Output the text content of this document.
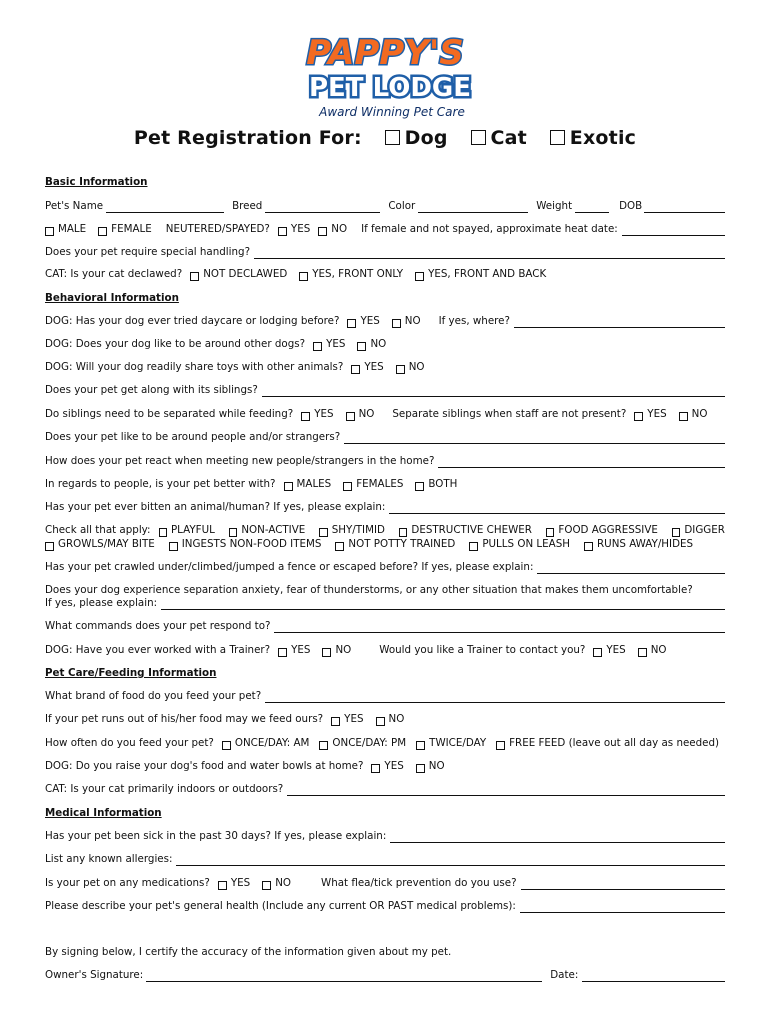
PAPPY'S
PET LODGE
Award Winning Pet Care
Pet Registration For: Dog Cat Exotic
Basic Information
Pet's Name	Breed	Color	Weight	DOB
MALE FEMALE NEUTERED/SPAYED? YES NO If female and not spayed, approximate heat date:
Does your pet require special handling?
CAT: Is your cat declawed? NOT DECLAWED YES, FRONT ONLY YES, FRONT AND BACK
Behavioral Information
DOG: Has your dog ever tried daycare or lodging before? YES NO If yes, where?
DOG: Does your dog like to be around other dogs? YES NO
DOG: Will your dog readily share toys with other animals? YES NO
Does your pet get along with its siblings?
Do siblings need to be separated while feeding? YES NO Separate siblings when staff are not present? YES NO
Does your pet like to be around people and/or strangers?
How does your pet react when meeting new people/strangers in the home?
In regards to people, is your pet better with? MALES FEMALES BOTH
Has your pet ever bitten an animal/human? If yes, please explain:
Check all that apply: PLAYFUL	NON-ACTIVE	SHY/TIMID	DESTRUCTIVE CHEWER	FOOD AGGRESSIVE	DIGGER
GROWLS/MAY BITE	INGESTS NON-FOOD ITEMS	NOT POTTY TRAINED	PULLS ON LEASH	RUNS AWAY/HIDES
Has your pet crawled under/climbed/jumped a fence or escaped before? If yes, please explain:
Does your dog experience separation anxiety, fear of thunderstorms, or any other situation that makes them uncomfortable?
If yes, please explain:
What commands does your pet respond to?
DOG: Have you ever worked with a Trainer? YES NO	Would you like a Trainer to contact you? YES NO
Pet Care/Feeding Information
What brand of food do you feed your pet?
If your pet runs out of his/her food may we feed ours? YES NO
How often do you feed your pet? ONCE/DAY: AM ONCE/DAY: PM TWICE/DAY FREE FEED (leave out all day as needed)
DOG: Do you raise your dog's food and water bowls at home? YES NO
CAT: Is your cat primarily indoors or outdoors?
Medical Information
Has your pet been sick in the past 30 days? If yes, please explain:
List any known allergies:
Is your pet on any medications? YES NO	What flea/tick prevention do you use?
Please describe your pet's general health (Include any current OR PAST medical problems):
By signing below, I certify the accuracy of the information given about my pet.
Owner's Signature:	Date:
